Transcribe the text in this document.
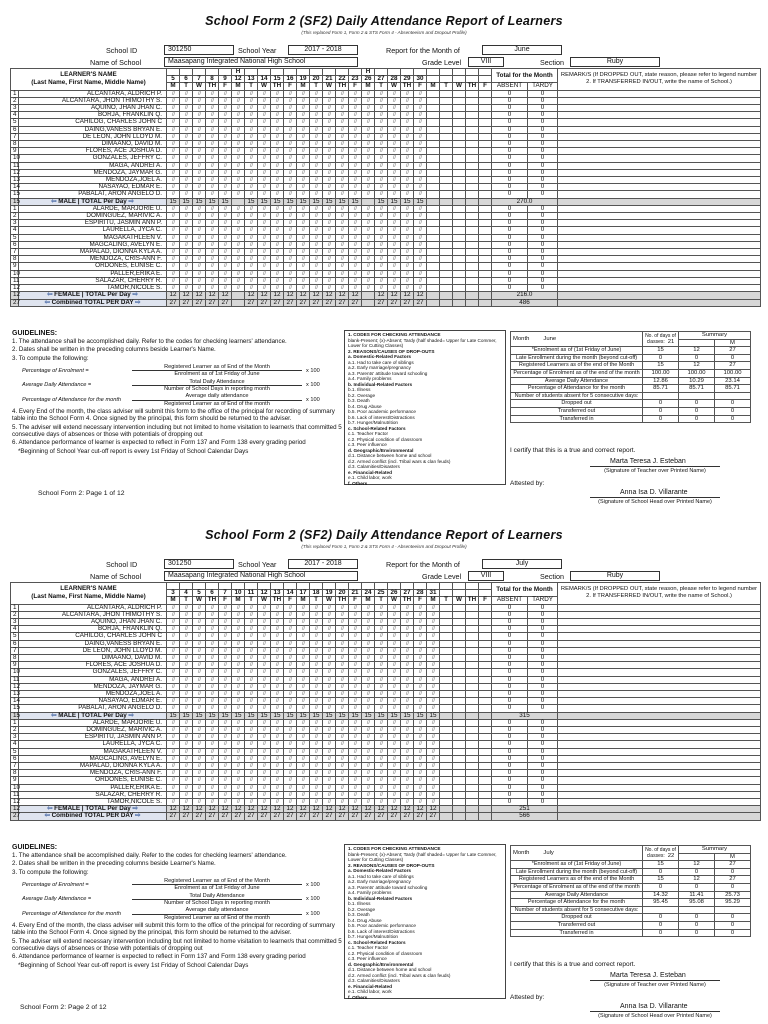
School Form 2 (SF2) Daily Attendance Report of Learners
(This replaced Form 1, Form 2 & STS Form 4 - Absenteeism and Dropout Profile)
School ID	301250	School Year	2017 - 2018	Report for the Month of	June
Name of School	Maasapang Integrated National High School	Grade Level	VIII	Section	Ruby
LEARNER'S NAME
(Last Name, First Name, Middle Name)							H										H										Total for the Month		REMARK/S (If DROPPED OUT, state reason, please refer to legend number 2. If TRANSFERRED IN/OUT, write the name of School.)
		5	6	7	8	9	12	13	14	15	16	19	20	21	22	23	26	27	28	29	30								
		M	T	W	TH	F	M	T	W	TH	F	M	T	W	TH	F	M	T	W	TH	F	M	T	W	TH	F	ABSENT	TARDY	
1	ALCANTARA, ALDRICH P.	/ /	/ /	/ /	/ /	/ /	/ /	/ /	/ /	/ /	/ /	/ /	/ /	/ /	/ /	/ /	/ /	/ /	/ /	/ /	/ /						0	0	
2	ALCANTARA, JHON THIMOTHY S.	/ /	/ /	/ /	/ /	/ /	/ /	/ /	/ /	/ /	/ /	/ /	/ /	/ /	/ /	/ /	/ /	/ /	/ /	/ /	/ /						0	0	
3	AQUINO, JHAN JHAN C.	/ /	/ /	/ /	/ /	/ /	/ /	/ /	/ /	/ /	/ /	/ /	/ /	/ /	/ /	/ /	/ /	/ /	/ /	/ /	/ /						0	0	
4	BORJA, FRANKLIN Q.	/ /	/ /	/ /	/ /	/ /	/ /	/ /	/ /	/ /	/ /	/ /	/ /	/ /	/ /	/ /	/ /	/ /	/ /	/ /	/ /						0	0	
5	CAHILOG, CHARLES JOHN C	/ /	/ /	/ /	/ /	/ /	/ /	/ /	/ /	/ /	/ /	/ /	/ /	/ /	/ /	/ /	/ /	/ /	/ /	/ /	/ /						0	0	
6	DAING,VANESS BRYAN E.	/ /	/ /	/ /	/ /	/ /	/ /	/ /	/ /	/ /	/ /	/ /	/ /	/ /	/ /	/ /	/ /	/ /	/ /	/ /	/ /						0	0	
7	DE LEON, JOHN LLOYD M.	/ /	/ /	/ /	/ /	/ /	/ /	/ /	/ /	/ /	/ /	/ /	/ /	/ /	/ /	/ /	/ /	/ /	/ /	/ /	/ /						0	0	
8	DIMAANO, DAVID M.	/ /	/ /	/ /	/ /	/ /	/ /	/ /	/ /	/ /	/ /	/ /	/ /	/ /	/ /	/ /	/ /	/ /	/ /	/ /	/ /						0	0	
9	FLORES, ACE JOSHUA D.	/ /	/ /	/ /	/ /	/ /	/ /	/ /	/ /	/ /	/ /	/ /	/ /	/ /	/ /	/ /	/ /	/ /	/ /	/ /	/ /						0	0	
10	GONZALES, JEFFRY C.	/ /	/ /	/ /	/ /	/ /	/ /	/ /	/ /	/ /	/ /	/ /	/ /	/ /	/ /	/ /	/ /	/ /	/ /	/ /	/ /						0	0	
11	MAGA, ANDREI A.	/ /	/ /	/ /	/ /	/ /	/ /	/ /	/ /	/ /	/ /	/ /	/ /	/ /	/ /	/ /	/ /	/ /	/ /	/ /	/ /						0	0	
12	MENDOZA, JAYMAR G.	/ /	/ /	/ /	/ /	/ /	/ /	/ /	/ /	/ /	/ /	/ /	/ /	/ /	/ /	/ /	/ /	/ /	/ /	/ /	/ /						0	0	
13	MENDOZA,JOEL A.	/ /	/ /	/ /	/ /	/ /	/ /	/ /	/ /	/ /	/ /	/ /	/ /	/ /	/ /	/ /	/ /	/ /	/ /	/ /	/ /						0	0	
14	NASAYAO, EDMAR E.	/ /	/ /	/ /	/ /	/ /	/ /	/ /	/ /	/ /	/ /	/ /	/ /	/ /	/ /	/ /	/ /	/ /	/ /	/ /	/ /						0	0	
15	PABALAT, ARON ANGELO D.	/ /	/ /	/ /	/ /	/ /	/ /	/ /	/ /	/ /	/ /	/ /	/ /	/ /	/ /	/ /	/ /	/ /	/ /	/ /	/ /						0	0	
15	⇦ MALE | TOTAL Per Day ⇨	15	15	15	15	15		15	15	15	15	15	15	15	15	15		15	15	15	15						270.0		
1	ALARDE, MARJORIE U.	/ /	/ /	/ /	/ /	/ /	/ /	/ /	/ /	/ /	/ /	/ /	/ /	/ /	/ /	/ /	/ /	/ /	/ /	/ /	/ /						0	0	
2	DOMINGUEZ, MARIVIC A.	/ /	/ /	/ /	/ /	/ /	/ /	/ /	/ /	/ /	/ /	/ /	/ /	/ /	/ /	/ /	/ /	/ /	/ /	/ /	/ /						0	0	
3	ESPIRITU, JASMIN ANN P.	/ /	/ /	/ /	/ /	/ /	/ /	/ /	/ /	/ /	/ /	/ /	/ /	/ /	/ /	/ /	/ /	/ /	/ /	/ /	/ /						0	0	
4	LAURELLA, JYCA C.	/ /	/ /	/ /	/ /	/ /	/ /	/ /	/ /	/ /	/ /	/ /	/ /	/ /	/ /	/ /	/ /	/ /	/ /	/ /	/ /						0	0	
5	MAGAKATHLEEN V.	/ /	/ /	/ /	/ /	/ /	/ /	/ /	/ /	/ /	/ /	/ /	/ /	/ /	/ /	/ /	/ /	/ /	/ /	/ /	/ /						0	0	
6	MAGCALING, AVELYN E.	/ /	/ /	/ /	/ /	/ /	/ /	/ /	/ /	/ /	/ /	/ /	/ /	/ /	/ /	/ /	/ /	/ /	/ /	/ /	/ /						0	0	
7	MAPALAD, DIONNA KYLA A.	/ /	/ /	/ /	/ /	/ /	/ /	/ /	/ /	/ /	/ /	/ /	/ /	/ /	/ /	/ /	/ /	/ /	/ /	/ /	/ /						0	0	
8	MENDOZA, CRIS-ANN F.	/ /	/ /	/ /	/ /	/ /	/ /	/ /	/ /	/ /	/ /	/ /	/ /	/ /	/ /	/ /	/ /	/ /	/ /	/ /	/ /						0	0	
9	ORDONES, EUNISE C.	/ /	/ /	/ /	/ /	/ /	/ /	/ /	/ /	/ /	/ /	/ /	/ /	/ /	/ /	/ /	/ /	/ /	/ /	/ /	/ /						0	0	
10	PALLER,ERIKA E.	/ /	/ /	/ /	/ /	/ /	/ /	/ /	/ /	/ /	/ /	/ /	/ /	/ /	/ /	/ /	/ /	/ /	/ /	/ /	/ /						0	0	
11	SALAZAR, CHERRY R.	/ /	/ /	/ /	/ /	/ /	/ /	/ /	/ /	/ /	/ /	/ /	/ /	/ /	/ /	/ /	/ /	/ /	/ /	/ /	/ /						0	0	
12	TAMOR,NICOLE S.	/ /	/ /	/ /	/ /	/ /	/ /	/ /	/ /	/ /	/ /	/ /	/ /	/ /	/ /	/ /	/ /	/ /	/ /	/ /	/ /						0	0	
12	⇦ FEMALE | TOTAL Per Day ⇨	12	12	12	12	12		12	12	12	12	12	12	12	12	12		12	12	12	12						216.0		
27	⇦ Combined TOTAL PER DAY ⇨	27	27	27	27	27		27	27	27	27	27	27	27	27	27		27	27	27	27						486		
GUIDELINES:
1. The attendance shall be accomplished daily. Refer to the codes for checking learners' attendance.
2. Dates shall be written in the preceding columns beside Learner's Name.
3. To compute the following:
Percentage of Enrolment =
Registered Learner as of End of the Month
Enrolment as of 1st Friday of June
x 100
Average Daily Attendance =
Total Daily Attendance
Number of School Days in reporting month
x 100
Percentage of Attendance for the month
Average daily attendance
Registered Learner as of End of the month
x 100
4. Every End of the month, the class adviser will submit this form to the office of the principal for recording of summary table into the School Form 4. Once signed by the principal, this form should be returned to the adviser.
5. The adviser will extend necessary intervention including but not limited to home visitation to learner/s that committed 5 consecutive days of absences or those with potentials of dropping out
6. Attendance performance of learner is expected to reflect in Form 137 and Form 138 every grading period
*Beginning of School Year cut-off report is every 1st Friday of School Calendar Days
1. CODES FOR CHECKING ATTENDANCE
blank-Present; (x)-Absent; Tardy (half shaded= Upper for Late Commer, Lower for Cutting Classes)
2. REASONS/CAUSES OF DROP-OUTS
a. Domestic-Related Factors
a.1. Had to take care of siblings
a.2. Early marriage/pregnancy
a.3. Parents' attitude toward schooling
a.4. Family problems
b. Individual-Related Factors
b.1. Illness
b.2. Overage
b.3. Death
b.4. Drug Abuse
b.5. Poor academic performance
b.6. Lack of interest/Distractions
b.7. Hunger/Malnutrition
c. School-Related Factors
c.1. Teacher Factor
c.2. Physical condition of classroom
c.3. Peer influence
d. Geographic/Environmental
d.1. Distance between home and school
d.2. Armed conflict (incl. Tribal wars & clan feuds)
d.3. Calamities/Disasters
e. Financial-Related
e.1. Child labor, work
f. Others
Month June	No. of days of classes: 21	Summary		
			M		
*Enrolment as of (1st Friday of June)	15	12	27	
Late Enrollment during the month (beyond cut-off)	0	0	0	
Registered Learners as of the end of the Month	15	12	27	
Percentage of Enrolment as of the end of the month	100.00	100.00	100.00	
Average Daily Attendance	12.86	10.29	23.14	
Percentage of Attendance for the month	85.71	85.71	85.71	
Number of students absent for 5 consecutive days:				
Dropped out	0	0	0	
Transferred out	0	0	0	
Transferred in	0	0	0	
I certify that this is a true and correct report.
Marta Teresa J. Esteban
(Signature of Teacher over Printed Name)
Attested by:
Anna Isa D. Villarante
(Signature of School Head over Printed Name)
School Form 2: Page 1 of 12
School Form 2 (SF2) Daily Attendance Report of Learners
(This replaced Form 1, Form 2 & STS Form 4 - Absenteeism and Dropout Profile)
School ID	301250	School Year	2017 - 2018	Report for the Month of	July
Name of School	Maasapang Integrated National High School	Grade Level	VIII	Section	Ruby
LEARNER'S NAME
(Last Name, First Name, Middle Name)																											Total for the Month		REMARK/S (If DROPPED OUT, state reason, please refer to legend number 2. If TRANSFERRED IN/OUT, write the name of School.)
		3	4	5	6	7	10	11	12	13	14	17	18	19	20	21	24	25	26	27	28	31							
		M	T	W	TH	F	M	T	W	TH	F	M	T	W	TH	F	M	T	W	TH	F	M	T	W	TH	F	ABSENT	TARDY	
1	ALCANTARA, ALDRICH P.	/ /	/ /	/ /	/ /	/ /	/ /	/ /	/ /	/ /	/ /	/ /	/ /	/ /	/ /	/ /	/ /	/ /	/ /	/ /	/ /	/ /					0	0	
2	ALCANTARA, JHON THIMOTHY S.	/ /	/ /	/ /	/ /	/ /	/ /	/ /	/ /	/ /	/ /	/ /	/ /	/ /	/ /	/ /	/ /	/ /	/ /	/ /	/ /	/ /					0	0	
3	AQUINO, JHAN JHAN C.	/ /	/ /	/ /	/ /	/ /	/ /	/ /	/ /	/ /	/ /	/ /	/ /	/ /	/ /	/ /	/ /	/ /	/ /	/ /	/ /	/ /					0	0	
4	BORJA, FRANKLIN Q.	/ /	/ /	/ /	/ /	/ /	/ /	/ /	/ /	/ /	/ /	/ /	/ /	/ /	/ /	/ /	/ /	/ /	/ /	/ /	/ /	/ /					0	0	
5	CAHILOG, CHARLES JOHN C	/ /	/ /	/ /	/ /	/ /	/ /	/ /	/ /	/ /	/ /	/ /	/ /	/ /	/ /	/ /	/ /	/ /	/ /	/ /	/ /	/ /					0	0	
6	DAING,VANESS BRYAN E.	/ /	/ /	/ /	/ /	/ /	/ /	/ /	/ /	/ /	/ /	/ /	/ /	/ /	/ /	/ /	/ /	/ /	/ /	/ /	/ /	/ /					0	0	
7	DE LEON, JOHN LLOYD M.	/ /	/ /	/ /	/ /	/ /	/ /	/ /	/ /	/ /	/ /	/ /	/ /	/ /	/ /	/ /	/ /	/ /	/ /	/ /	/ /	/ /					0	0	
8	DIMAANO, DAVID M.	/ /	/ /	/ /	/ /	/ /	/ /	/ /	/ /	/ /	/ /	/ /	/ /	/ /	/ /	/ /	/ /	/ /	/ /	/ /	/ /	/ /					0	0	
9	FLORES, ACE JOSHUA D.	/ /	/ /	/ /	/ /	/ /	/ /	/ /	/ /	/ /	/ /	/ /	/ /	/ /	/ /	/ /	/ /	/ /	/ /	/ /	/ /	/ /					0	0	
10	GONZALES, JEFFRY C.	/ /	/ /	/ /	/ /	/ /	/ /	/ /	/ /	/ /	/ /	/ /	/ /	/ /	/ /	/ /	/ /	/ /	/ /	/ /	/ /	/ /					0	0	
11	MAGA, ANDREI A.	/ /	/ /	/ /	/ /	/ /	/ /	/ /	/ /	/ /	/ /	/ /	/ /	/ /	/ /	/ /	/ /	/ /	/ /	/ /	/ /	/ /					0	0	
12	MENDOZA, JAYMAR G.	/ /	/ /	/ /	/ /	/ /	/ /	/ /	/ /	/ /	/ /	/ /	/ /	/ /	/ /	/ /	/ /	/ /	/ /	/ /	/ /	/ /					0	0	
13	MENDOZA,JOEL A.	/ /	/ /	/ /	/ /	/ /	/ /	/ /	/ /	/ /	/ /	/ /	/ /	/ /	/ /	/ /	/ /	/ /	/ /	/ /	/ /	/ /					0	0	
14	NASAYAO, EDMAR E.	/ /	/ /	/ /	/ /	/ /	/ /	/ /	/ /	/ /	/ /	/ /	/ /	/ /	/ /	/ /	/ /	/ /	/ /	/ /	/ /	/ /					0	0	
15	PABALAT, ARON ANGELO D.	/ /	/ /	/ /	/ /	/ /	/ /	/ /	/ /	/ /	/ /	/ /	/ /	/ /	/ /	/ /	/ /	/ /	/ /	/ /	/ /	/ /					0	0	
15	⇦ MALE | TOTAL Per Day ⇨	15	15	15	15	15	15	15	15	15	15	15	15	15	15	15	15	15	15	15	15	15					315		
1	ALARDE, MARJORIE U.	/ /	/ /	/ /	/ /	/ /	/ /	/ /	/ /	/ /	/ /	/ /	/ /	/ /	/ /	/ /	/ /	/ /	/ /	/ /	/ /	/ /					0	0	
2	DOMINGUEZ, MARIVIC A.	/ /	/ /	/ /	/ /	/ /	/ /	/ /	/ /	/ /	/ /	/ /	/ /	/ /	/ /	/ /	/ /	/ /	/ /	/ /	/ /	/ /					0	0	
3	ESPIRITU, JASMIN ANN P.	/ /	/ /	/ /	/ /	/ /	/ /	/ /	/ /	/ /	/ /	/ /	/ /	/ /	/ /	/ /	/ /	/ /	/ /	/ /	/ /	/ /					0	0	
4	LAURELLA, JYCA C.	/ /	/ /	/ /	/ /	/ /	/ /	/ /	/ /	/ /	/ /	/ /	/ /	/ /	/ /	/ /	/ /	/ /	/ /	/ /	/ /	/ /					0	0	
5	MAGAKATHLEEN V.	/ /	/ /	/ /	/ /	/ /	/ /	/ /	/ /	/ /	/ /	/ /	/ /	/ /	/ /	/ /	/ /	/ /	/ /	/ /	/ /	/ /					0	0	
6	MAGCALING, AVELYN E.	/ /	/ /	/ /	/ /	/ /	/ /	/ /	/ /	/ /	/ /	/ /	/ /	/ /	/ /	/ /	/ /	/ /	/ /	/ /	/ /	/ /					0	0	
7	MAPALAD, DIONNA KYLA A.	/ /	/ /	/ /	/ /	/ /	/ /	/ /	/ /	/ /	/ /	/ /	/ /	/ /	/ /	/ /	/ /	/ /	/ /	/ /	/ /	/ /					0	0	
8	MENDOZA, CRIS-ANN F.	/ /	/ /	/ /	/ /	/ /	/ /	/ /	/ /	/ /	/ /	/ /	/ /	/ /	/ /	/ /	/ /	/ /	/ /	/ /	/ /	/ /					0	0	
9	ORDONES, EUNISE C.	/ /	/ /	/ /	/ /	/ /	/ /	/ /	/ /	/ /	/ /	/ /	/ /	/ /	/ /	/ /	/ /	/ /	/ /	/ /	/ /	/ /					0	0	
10	PALLER,ERIKA E.	/ /	/ /	/ /	/ /	/ /	/ /	/ /	/ /	/ /	/ /	/ /	/ /	/ /	/ /	/ /	/ /	/ /	/ /	/ /	/ /	/ /					0	0	
11	SALAZAR, CHERRY R.	/ /	/ /	/ /	/ /	/ /	/ /	/ /	/ /	/ /	/ /	/ /	/ /	/ /	/ /	/ /	/ /	/ /	/ /	/ /	/ /	/ /					0	0	
12	TAMOR,NICOLE S.	/ /	/ /	/ /	/ /	/ /	/ /	/ /	/ /	/ /	/ /	/ /	/ /	/ /	/ /	/ /	/ /	/ /	/ /	/ /	/ /	/ /					0	0	
12	⇦ FEMALE | TOTAL Per Day ⇨	12	12	12	12	12	12	12	12	12	12	12	12	12	12	12	12	12	12	12	12	12					251		
27	⇦ Combined TOTAL PER DAY ⇨	27	27	27	27	27	27	27	27	27	27	27	27	27	27	27	27	27	27	27	27	27					566		
GUIDELINES:
1. The attendance shall be accomplished daily. Refer to the codes for checking learners' attendance.
2. Dates shall be written in the preceding columns beside Learner's Name.
3. To compute the following:
Percentage of Enrolment =
Registered Learner as of End of the Month
Enrolment as of 1st Friday of June
x 100
Average Daily Attendance =
Total Daily Attendance
Number of School Days in reporting month
x 100
Percentage of Attendance for the month
Average daily attendance
Registered Learner as of End of the month
x 100
4. Every End of the month, the class adviser will submit this form to the office of the principal for recording of summary table into the School Form 4. Once signed by the principal, this form should be returned to the adviser.
5. The adviser will extend necessary intervention including but not limited to home visitation to learner/s that committed 5 consecutive days of absences or those with potentials of dropping out
6. Attendance performance of learner is expected to reflect in Form 137 and Form 138 every grading period
*Beginning of School Year cut-off report is every 1st Friday of School Calendar Days
1. CODES FOR CHECKING ATTENDANCE
blank-Present; (x)-Absent; Tardy (half shaded= Upper for Late Commer, Lower for Cutting Classes)
2. REASONS/CAUSES OF DROP-OUTS
a. Domestic-Related Factors
a.1. Had to take care of siblings
a.2. Early marriage/pregnancy
a.3. Parents' attitude toward schooling
a.4. Family problems
b. Individual-Related Factors
b.1. Illness
b.2. Overage
b.3. Death
b.4. Drug Abuse
b.5. Poor academic performance
b.6. Lack of interest/Distractions
b.7. Hunger/Malnutrition
c. School-Related Factors
c.1. Teacher Factor
c.2. Physical condition of classroom
c.3. Peer influence
d. Geographic/Environmental
d.1. Distance between home and school
d.2. Armed conflict (incl. Tribal wars & clan feuds)
d.3. Calamities/Disasters
e. Financial-Related
e.1. Child labor, work
f. Others
Month July	No. of days of classes: 22	Summary		
			M		
*Enrolment as of (1st Friday of June)	15	12	27	
Late Enrollment during the month (beyond cut-off)	0	0	0	
Registered Learners as of the end of the Month	15	12	27	
Percentage of Enrolment as of the end of the month	0	0	0	
Average Daily Attendance	14.32	11.41	25.73	
Percentage of Attendance for the month	95.45	95.08	95.29	
Number of students absent for 5 consecutive days:				
Dropped out	0	0	0	
Transferred out	0	0	0	
Transferred in	0	0	0	
I certify that this is a true and correct report.
Marta Teresa J. Esteban
(Signature of Teacher over Printed Name)
Attested by:
Anna Isa D. Villarante
(Signature of School Head over Printed Name)
School Form 2: Page 2 of 12
